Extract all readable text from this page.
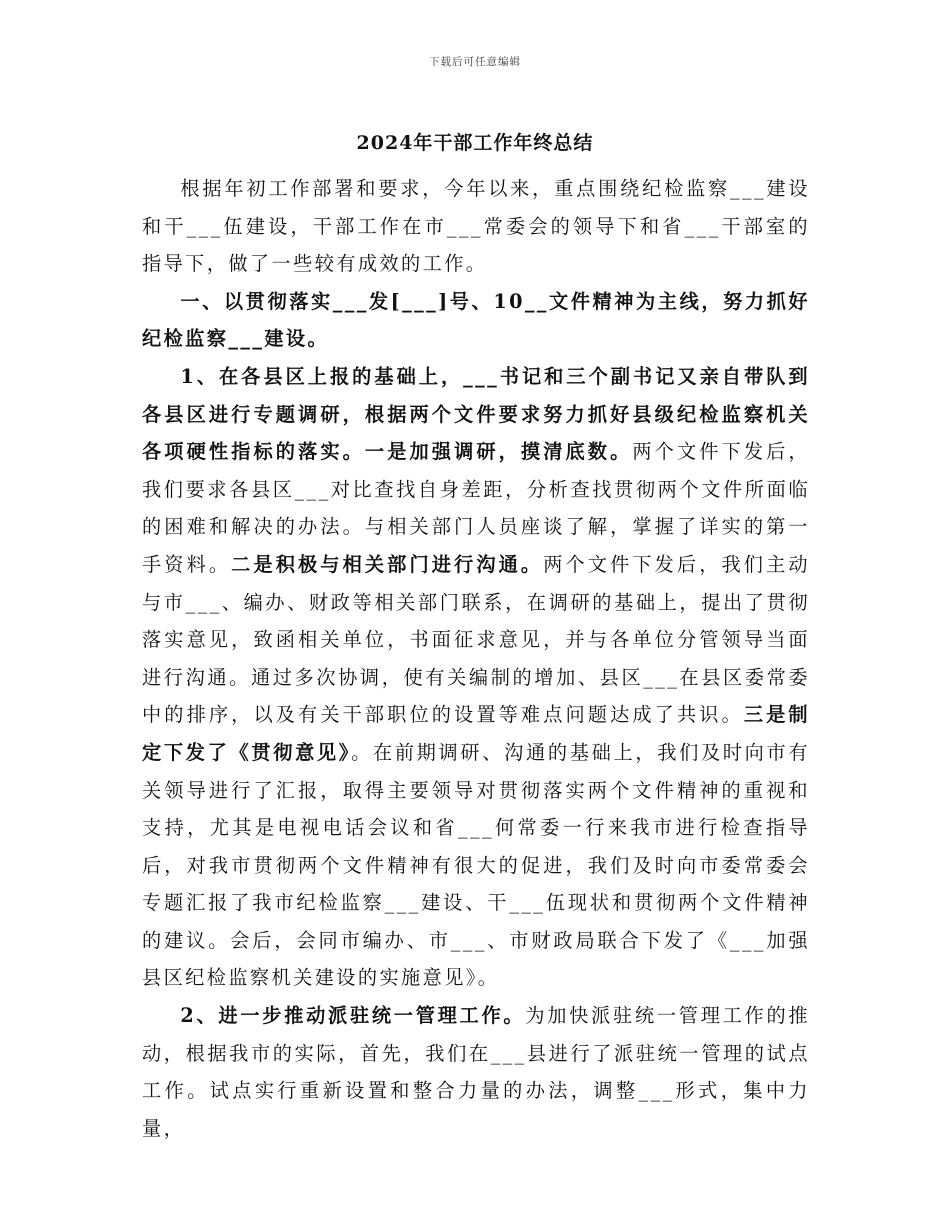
下载后可任意编辑
2024年干部工作年终总结

根据年初工作部署和要求，今年以来，重点围绕纪检监察___建设和干___伍建设，干部工作在市___常委会的领导下和省___干部室的指导下，做了一些较有成效的工作。

一、以贯彻落实___发[___]号、10__文件精神为主线，努力抓好纪检监察___建设。

1、在各县区上报的基础上，___书记和三个副书记又亲自带队到各县区进行专题调研，根据两个文件要求努力抓好县级纪检监察机关各项硬性指标的落实。一是加强调研，摸清底数。两个文件下发后，我们要求各县区___对比查找自身差距，分析查找贯彻两个文件所面临的困难和解决的办法。与相关部门人员座谈了解，掌握了详实的第一手资料。二是积极与相关部门进行沟通。两个文件下发后，我们主动与市___、编办、财政等相关部门联系，在调研的基础上，提出了贯彻落实意见，致函相关单位，书面征求意见，并与各单位分管领导当面进行沟通。通过多次协调，使有关编制的增加、县区___在县区委常委中的排序，以及有关干部职位的设置等难点问题达成了共识。三是制定下发了《贯彻意见》。在前期调研、沟通的基础上，我们及时向市有关领导进行了汇报，取得主要领导对贯彻落实两个文件精神的重视和支持，尤其是电视电话会议和省___何常委一行来我市进行检查指导后，对我市贯彻两个文件精神有很大的促进，我们及时向市委常委会专题汇报了我市纪检监察___建设、干___伍现状和贯彻两个文件精神的建议。会后，会同市编办、市___、市财政局联合下发了《___加强县区纪检监察机关建设的实施意见》。

2、进一步推动派驻统一管理工作。为加快派驻统一管理工作的推动，根据我市的实际，首先，我们在___县进行了派驻统一管理的试点工作。试点实行重新设置和整合力量的办法，调整___形式，集中力量，
